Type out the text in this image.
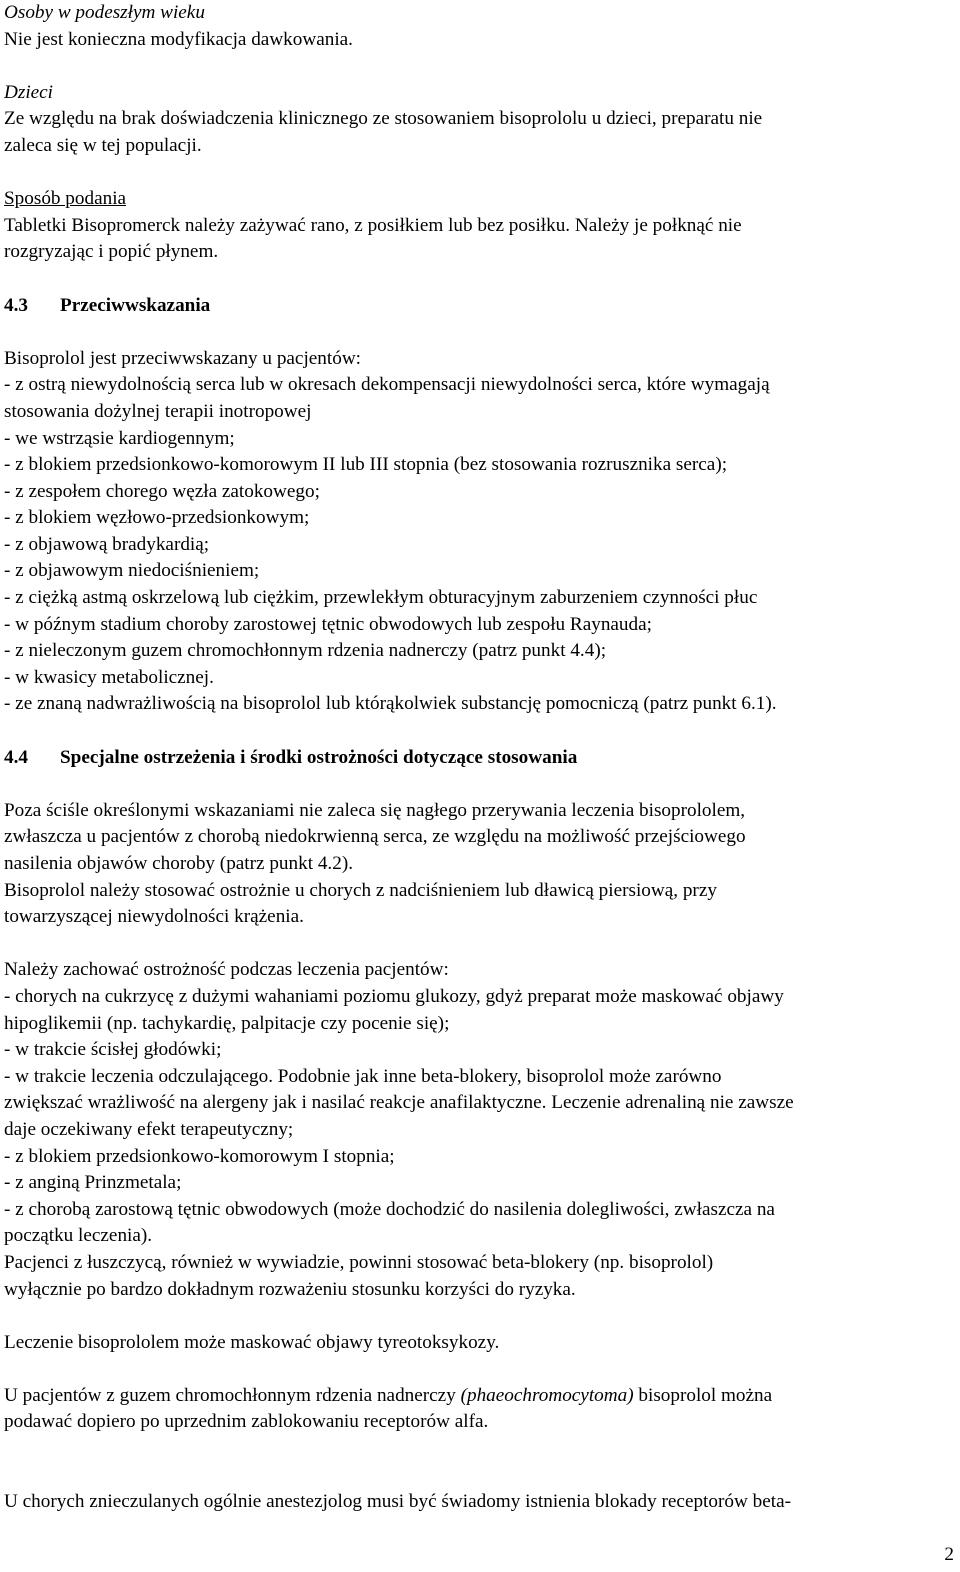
Osoby w podeszłym wieku

Nie jest konieczna modyfikacja dawkowania.

Dzieci

Ze względu na brak doświadczenia klinicznego ze stosowaniem bisoprololu u dzieci, preparatu nie

zaleca się w tej populacji.

Sposób podania

Tabletki Bisopromerck należy zażywać rano, z posiłkiem lub bez posiłku. Należy je połknąć nie

rozgryzając i popić płynem.

4.3 Przeciwwskazania

Bisoprolol jest przeciwwskazany u pacjentów:

- z ostrą niewydolnością serca lub w okresach dekompensacji niewydolności serca, które wymagają

stosowania dożylnej terapii inotropowej

- we wstrząsie kardiogennym;

- z blokiem przedsionkowo-komorowym II lub III stopnia (bez stosowania rozrusznika serca);

- z zespołem chorego węzła zatokowego;

- z blokiem węzłowo-przedsionkowym;

- z objawową bradykardią;

- z objawowym niedociśnieniem;

- z ciężką astmą oskrzelową lub ciężkim, przewlekłym obturacyjnym zaburzeniem czynności płuc

- w późnym stadium choroby zarostowej tętnic obwodowych lub zespołu Raynauda;

- z nieleczonym guzem chromochłonnym rdzenia nadnerczy (patrz punkt 4.4);

- w kwasicy metabolicznej.

- ze znaną nadwrażliwością na bisoprolol lub którąkolwiek substancję pomocniczą (patrz punkt 6.1).

4.4 Specjalne ostrzeżenia i środki ostrożności dotyczące stosowania

Poza ściśle określonymi wskazaniami nie zaleca się nagłego przerywania leczenia bisoprololem,

zwłaszcza u pacjentów z chorobą niedokrwienną serca, ze względu na możliwość przejściowego

nasilenia objawów choroby (patrz punkt 4.2).

Bisoprolol należy stosować ostrożnie u chorych z nadciśnieniem lub dławicą piersiową, przy

towarzyszącej niewydolności krążenia.

Należy zachować ostrożność podczas leczenia pacjentów:

- chorych na cukrzycę z dużymi wahaniami poziomu glukozy, gdyż preparat może maskować objawy

hipoglikemii (np. tachykardię, palpitacje czy pocenie się);

- w trakcie ścisłej głodówki;

- w trakcie leczenia odczulającego. Podobnie jak inne beta-blokery, bisoprolol może zarówno

zwiększać wrażliwość na alergeny jak i nasilać reakcje anafilaktyczne. Leczenie adrenaliną nie zawsze

daje oczekiwany efekt terapeutyczny;

- z blokiem przedsionkowo-komorowym I stopnia;

- z anginą Prinzmetala;

- z chorobą zarostową tętnic obwodowych (może dochodzić do nasilenia dolegliwości, zwłaszcza na

początku leczenia).

Pacjenci z łuszczycą, również w wywiadzie, powinni stosować beta-blokery (np. bisoprolol)

wyłącznie po bardzo dokładnym rozważeniu stosunku korzyści do ryzyka.

Leczenie bisoprololem może maskować objawy tyreotoksykozy.

U pacjentów z guzem chromochłonnym rdzenia nadnerczy (phaeochromocytoma) bisoprolol można

podawać dopiero po uprzednim zablokowaniu receptorów alfa.

U chorych znieczulanych ogólnie anestezjolog musi być świadomy istnienia blokady receptorów beta-

2
